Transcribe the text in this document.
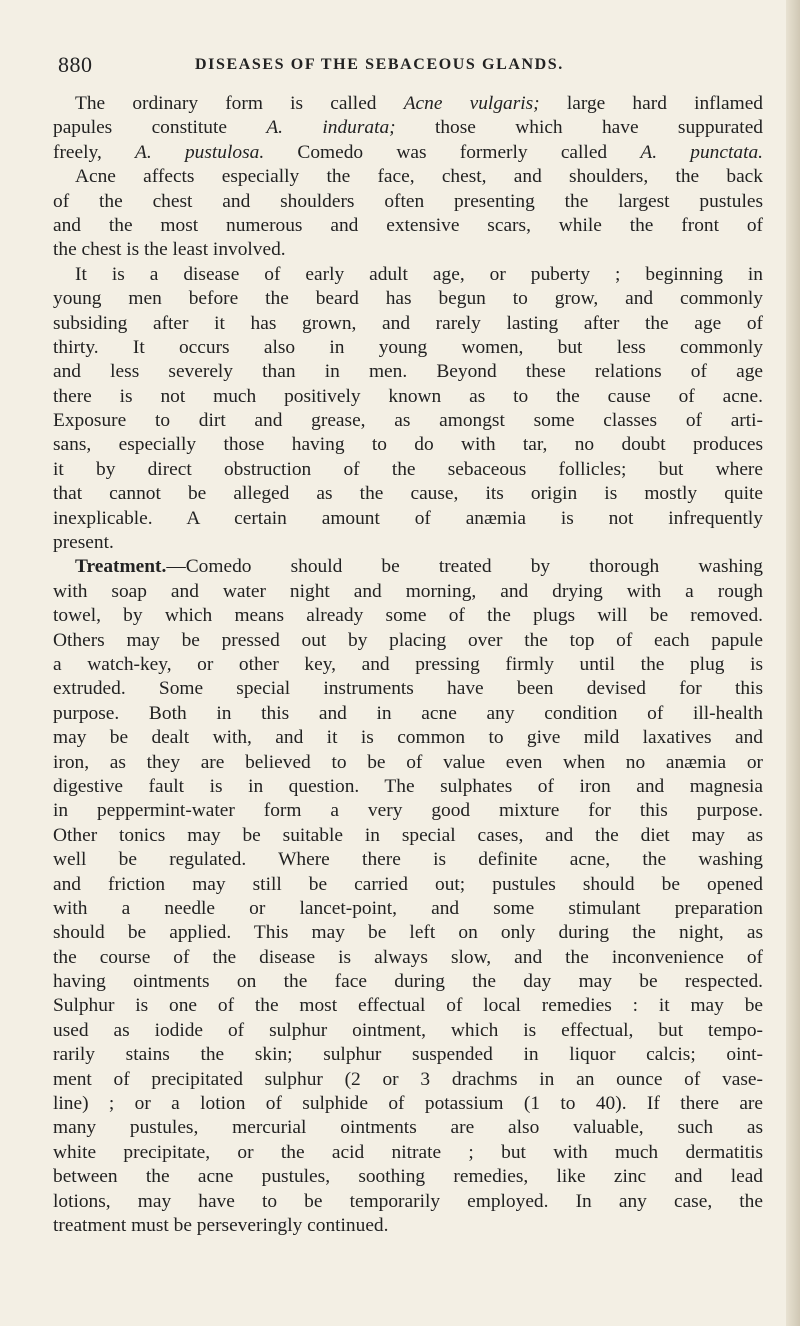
880	DISEASES OF THE SEBACEOUS GLANDS.
The ordinary form is called Acne vulgaris; large hard inflamed
papules constitute A. indurata; those which have suppurated
freely, A. pustulosa. Comedo was formerly called A. punctata.
Acne affects especially the face, chest, and shoulders, the back
of the chest and shoulders often presenting the largest pustules
and the most numerous and extensive scars, while the front of
the chest is the least involved.
It is a disease of early adult age, or puberty ; beginning in
young men before the beard has begun to grow, and commonly
subsiding after it has grown, and rarely lasting after the age of
thirty. It occurs also in young women, but less commonly
and less severely than in men. Beyond these relations of age
there is not much positively known as to the cause of acne.
Exposure to dirt and grease, as amongst some classes of arti-
sans, especially those having to do with tar, no doubt produces
it by direct obstruction of the sebaceous follicles; but where
that cannot be alleged as the cause, its origin is mostly quite
inexplicable. A certain amount of anæmia is not infrequently
present.
Treatment.—Comedo should be treated by thorough washing
with soap and water night and morning, and drying with a rough
towel, by which means already some of the plugs will be removed.
Others may be pressed out by placing over the top of each papule
a watch-key, or other key, and pressing firmly until the plug is
extruded. Some special instruments have been devised for this
purpose. Both in this and in acne any condition of ill-health
may be dealt with, and it is common to give mild laxatives and
iron, as they are believed to be of value even when no anæmia or
digestive fault is in question. The sulphates of iron and magnesia
in peppermint-water form a very good mixture for this purpose.
Other tonics may be suitable in special cases, and the diet may as
well be regulated. Where there is definite acne, the washing
and friction may still be carried out; pustules should be opened
with a needle or lancet-point, and some stimulant preparation
should be applied. This may be left on only during the night, as
the course of the disease is always slow, and the inconvenience of
having ointments on the face during the day may be respected.
Sulphur is one of the most effectual of local remedies : it may be
used as iodide of sulphur ointment, which is effectual, but tempo-
rarily stains the skin; sulphur suspended in liquor calcis; oint-
ment of precipitated sulphur (2 or 3 drachms in an ounce of vase-
line) ; or a lotion of sulphide of potassium (1 to 40). If there are
many pustules, mercurial ointments are also valuable, such as
white precipitate, or the acid nitrate ; but with much dermatitis
between the acne pustules, soothing remedies, like zinc and lead
lotions, may have to be temporarily employed. In any case, the
treatment must be perseveringly continued.
